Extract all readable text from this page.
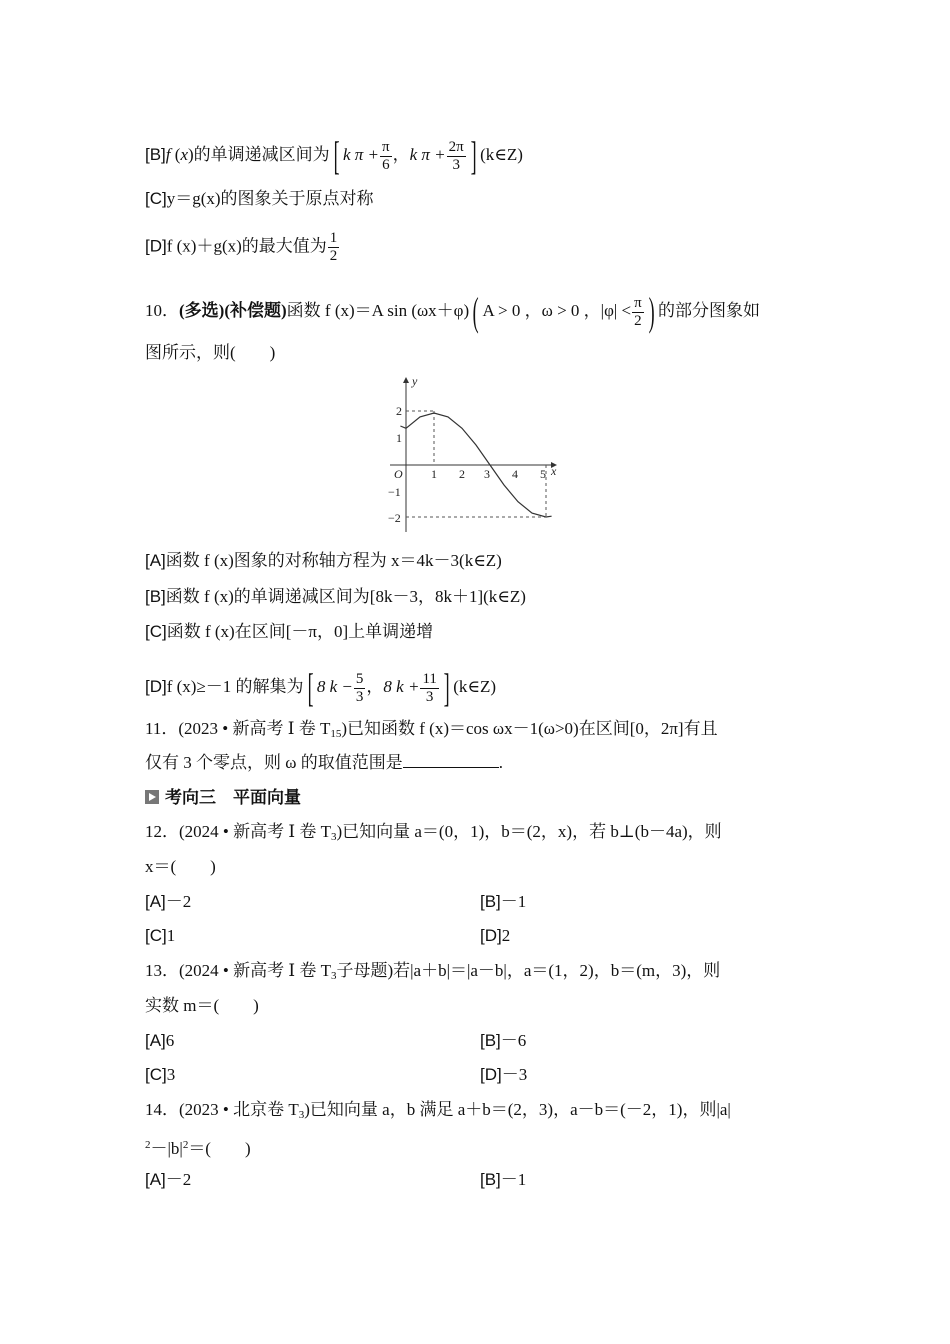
[B]f (x)的单调递减区间为[ k $\pi + \frac{\pi}{6}$ ，k $\pi + \frac{2\pi}{3}$ ] (k∈Z)
[C]y＝g(x)的图象关于原点对称
[D]f (x)＋g(x)的最大值为 $\frac{1}{2}$
10．(多选)(补偿题)函数 f (x)＝A sin (ωx＋φ)( A > 0 ，ω > 0 ，$|\varphi| < \frac{\pi}{2}$ ) 的部分图象如
图所示，则(　　)
y
x
O 1 2 3 4 5
2
1
−1
−2
[A]函数 f (x)图象的对称轴方程为 x＝4k－3(k∈Z)
[B]函数 f (x)的单调递减区间为[8k－3，8k＋1](k∈Z)
[C]函数 f (x)在区间[－π，0]上单调递增
[D]f (x)≥－1 的解集为[ 8 $k - \frac{5}{3}$ ，8 $k + \frac{11}{3}$ ] (k∈Z)
11．(2023 • 新高考 Ⅰ 卷 $T_{15}$)已知函数 f (x)＝cos ωx－1(ω>0)在区间[0，2π]有且
仅有 3 个零点，则 ω 的取值范围是	.
考向三　平面向量
12．(2024 • 新高考 Ⅰ 卷 $T_3$)已知向量 a＝(0，1)，b＝(2，x)，若 b⊥(b－4a)，则
x＝(　　)
[A]－2	[B]－1
[C]1	[D]2
13．(2024 • 新高考 Ⅰ 卷 $T_3$子母题)若|a＋b|＝|a－b|，a＝(1，2)，b＝(m，3)，则
实数 m＝(　　)
[A]6	[B]－6
[C]3	[D]－3
14．(2023 • 北京卷 $T_3$)已知向量 a，b 满足 a＋b＝(2，3)，a－b＝(－2，1)，则|a|
$^2-|b|^2=$(　　)
[A]－2	[B]－1
